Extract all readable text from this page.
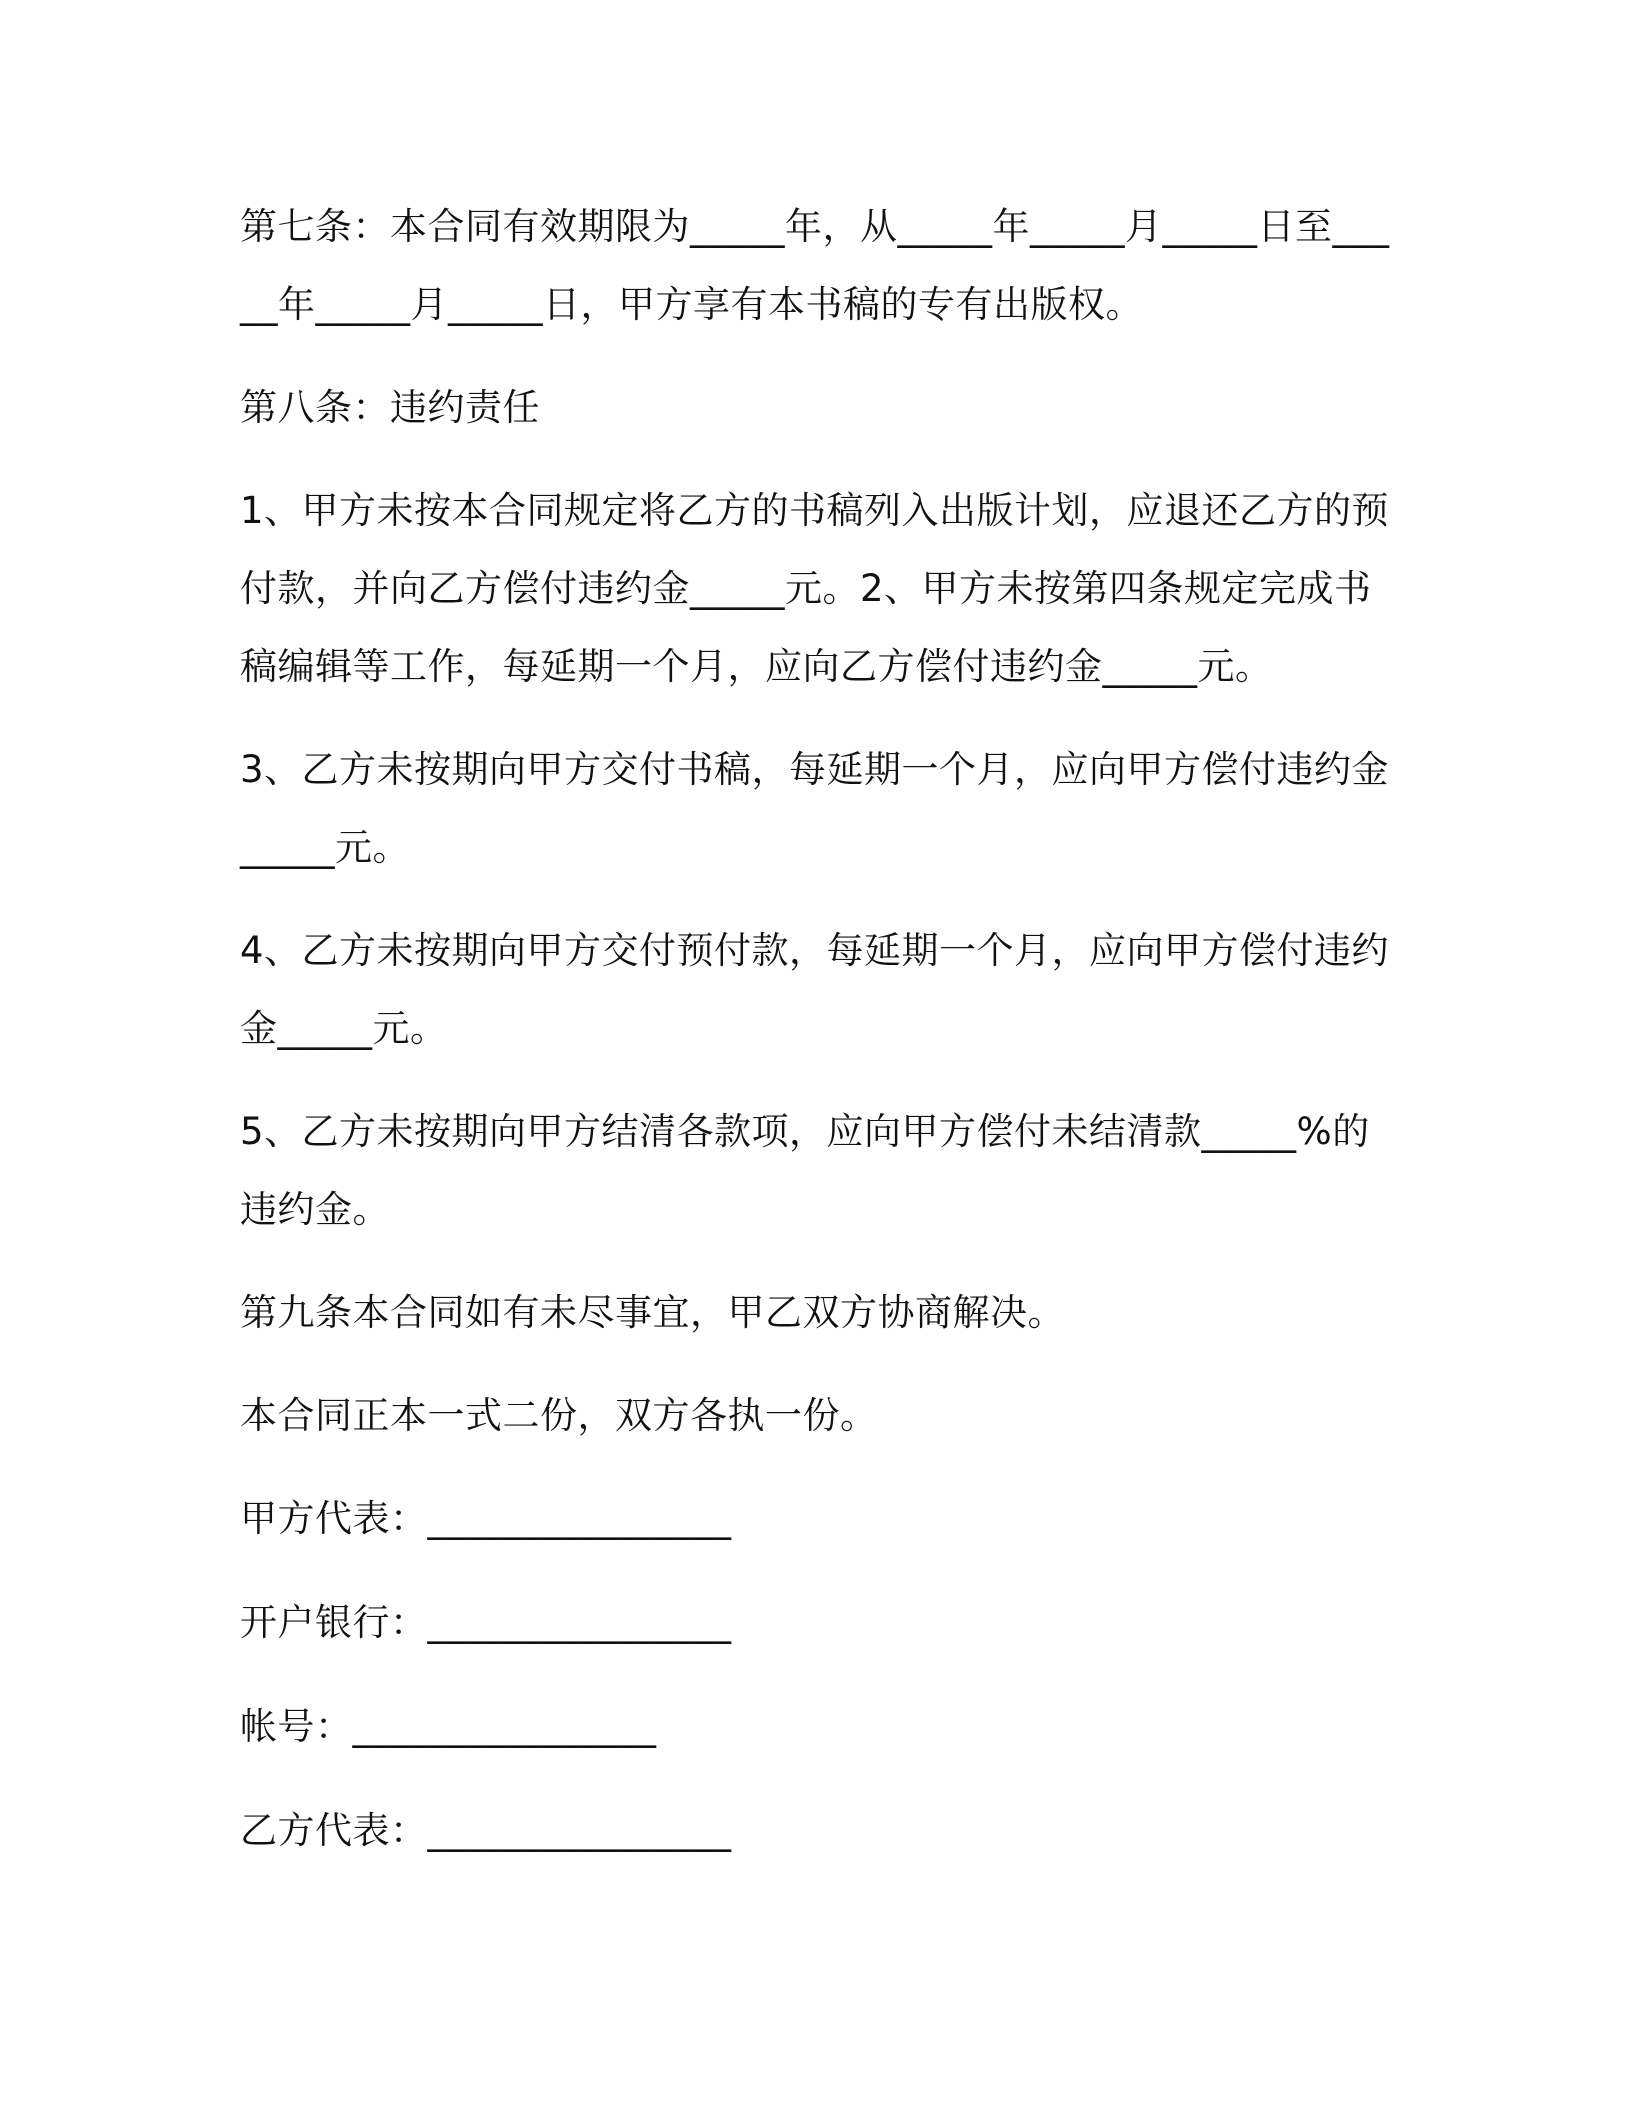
第七条：本合同有效期限为_____年，从_____年_____月_____日至_____年_____月_____日，甲方享有本书稿的专有出版权。

第八条：违约责任

1、甲方未按本合同规定将乙方的书稿列入出版计划，应退还乙方的预付款，并向乙方偿付违约金_____元。2、甲方未按第四条规定完成书稿编辑等工作，每延期一个月，应向乙方偿付违约金_____元。

3、乙方未按期向甲方交付书稿，每延期一个月，应向甲方偿付违约金_____元。

4、乙方未按期向甲方交付预付款，每延期一个月，应向甲方偿付违约金_____元。

5、乙方未按期向甲方结清各款项，应向甲方偿付未结清款_____%的违约金。

第九条本合同如有未尽事宜，甲乙双方协商解决。

本合同正本一式二份，双方各执一份。

甲方代表：________________

开户银行：________________

帐号：________________

乙方代表：________________
